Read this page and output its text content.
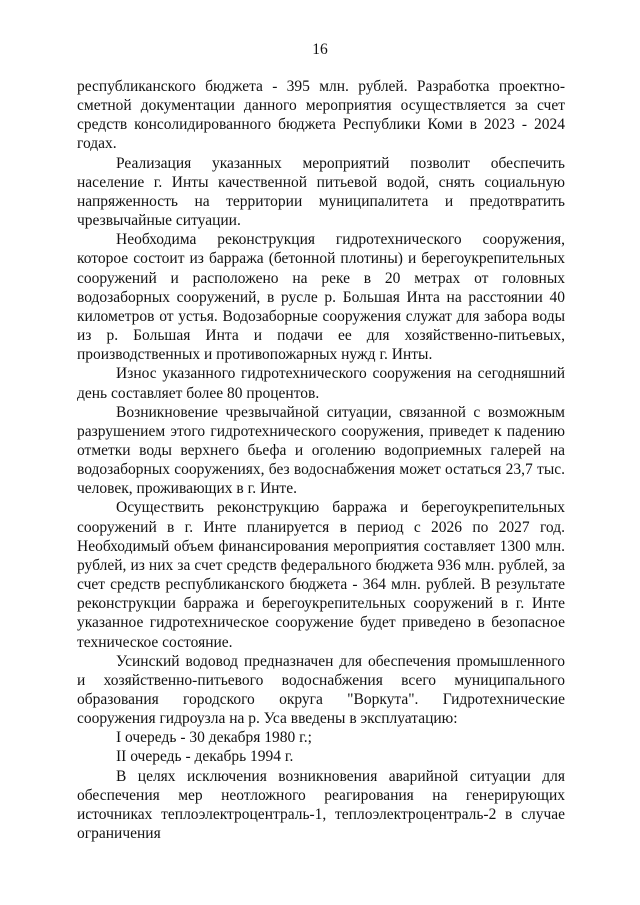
16

республиканского бюджета - 395 млн. рублей. Разработка проектно-сметной документации данного мероприятия осуществляется за счет средств консолидированного бюджета Республики Коми в 2023 - 2024 годах.

Реализация указанных мероприятий позволит обеспечить население г. Инты качественной питьевой водой, снять социальную напряженность на территории муниципалитета и предотвратить чрезвычайные ситуации.

Необходима реконструкция гидротехнического сооружения, которое состоит из барража (бетонной плотины) и берегоукрепительных сооружений и расположено на реке в 20 метрах от головных водозаборных сооружений, в русле р. Большая Инта на расстоянии 40 километров от устья. Водозаборные сооружения служат для забора воды из р. Большая Инта и подачи ее для хозяйственно-питьевых, производственных и противопожарных нужд г. Инты.

Износ указанного гидротехнического сооружения на сегодняшний день составляет более 80 процентов.

Возникновение чрезвычайной ситуации, связанной с возможным разрушением этого гидротехнического сооружения, приведет к падению отметки воды верхнего бьефа и оголению водоприемных галерей на водозаборных сооружениях, без водоснабжения может остаться 23,7 тыс. человек, проживающих в г. Инте.

Осуществить реконструкцию барража и берегоукрепительных сооружений в г. Инте планируется в период с 2026 по 2027 год. Необходимый объем финансирования мероприятия составляет 1300 млн. рублей, из них за счет средств федерального бюджета 936 млн. рублей, за счет средств республиканского бюджета - 364 млн. рублей. В результате реконструкции барража и берегоукрепительных сооружений в г. Инте указанное гидротехническое сооружение будет приведено в безопасное техническое состояние.

Усинский водовод предназначен для обеспечения промышленного и хозяйственно-питьевого водоснабжения всего муниципального образования городского округа "Воркута". Гидротехнические сооружения гидроузла на р. Уса введены в эксплуатацию:

I очередь - 30 декабря 1980 г.;

II очередь - декабрь 1994 г.

В целях исключения возникновения аварийной ситуации для обеспечения мер неотложного реагирования на генерирующих источниках теплоэлектроцентраль-1, теплоэлектроцентраль-2 в случае ограничения
